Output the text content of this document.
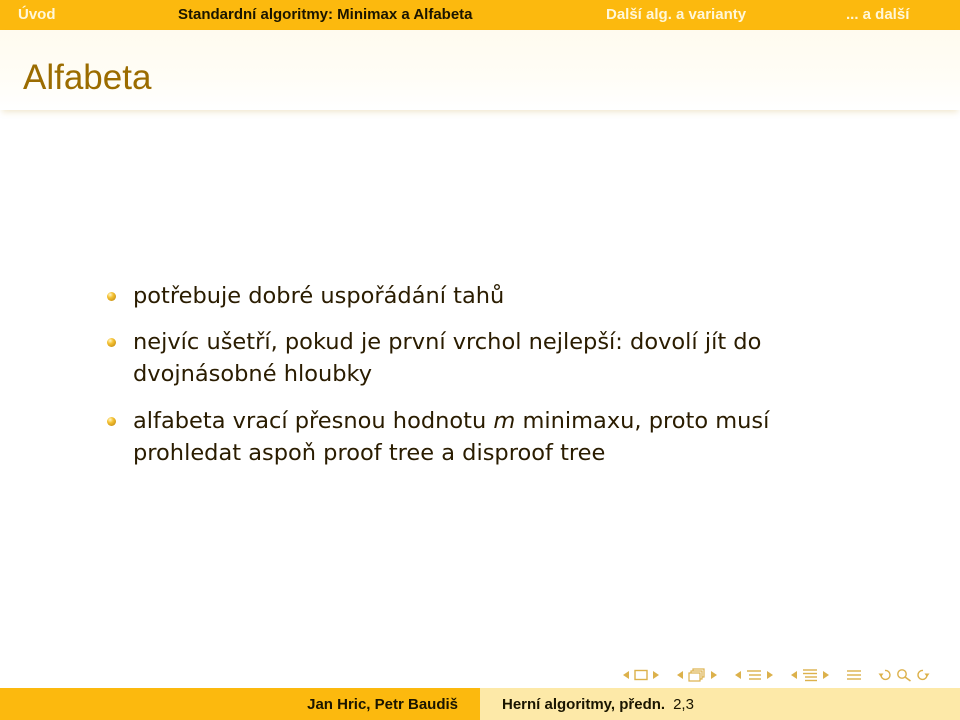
Úvod	Standardní algoritmy: Minimax a Alfabeta	Další alg. a varianty	... a další
Alfabeta
potřebuje dobré uspořádání tahů
nejvíc ušetří, pokud je první vrchol nejlepší: dovolí jít do
dvojnásobné hloubky
alfabeta vrací přesnou hodnotu m minimaxu, proto musí
prohledat aspoň proof tree a disproof tree
Jan Hric, Petr Baudiš	Herní algoritmy, předn. 2,3
